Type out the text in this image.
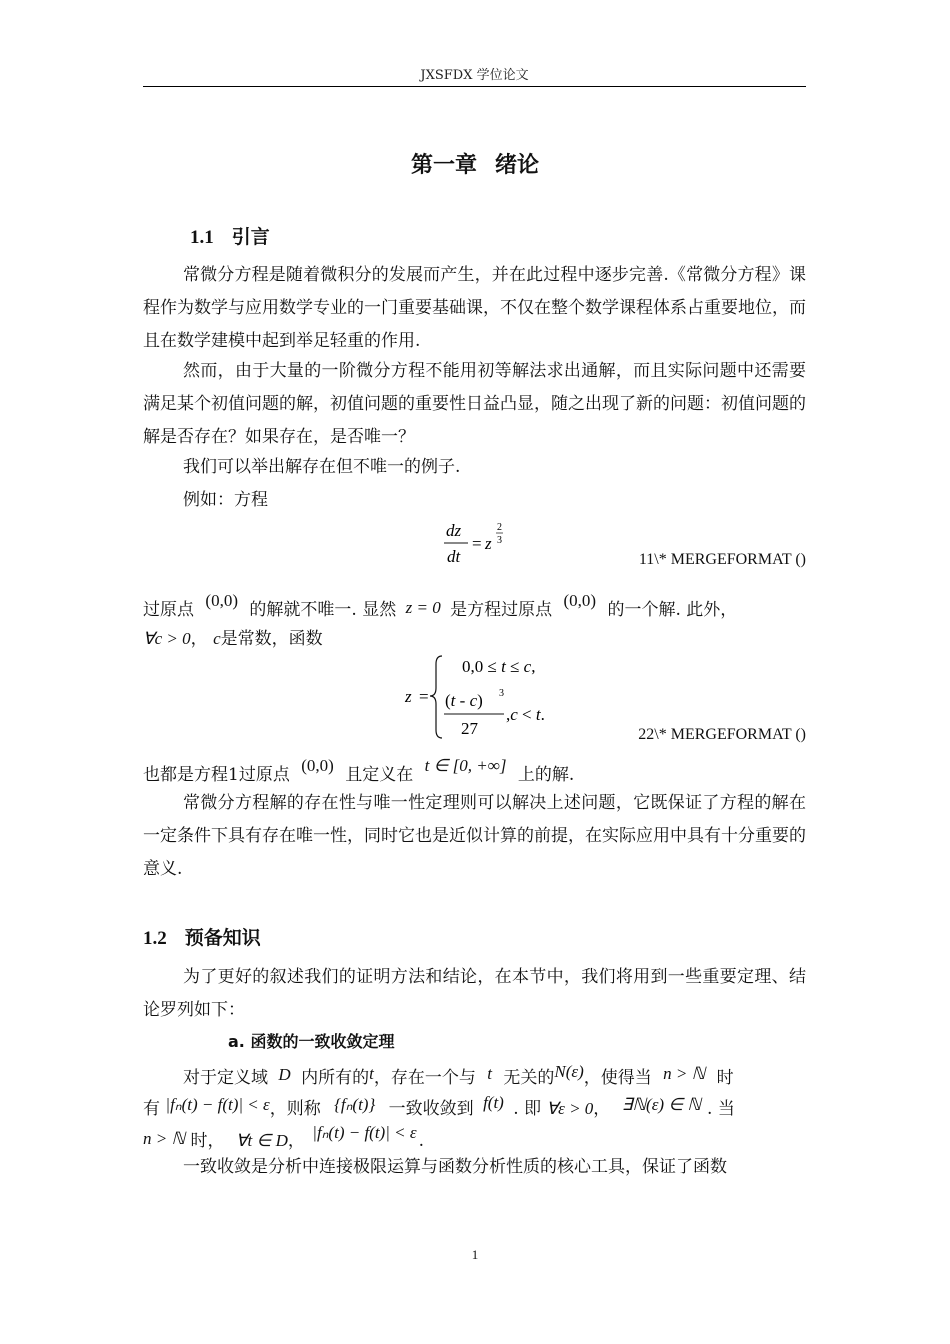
JXSFDX 学位论文
第一章 绪论
1.1 引言
常微分方程是随着微积分的发展而产生，并在此过程中逐步完善.《常微分方程》课程作为数学与应用数学专业的一门重要基础课，不仅在整个数学课程体系占重要地位，而且在数学建模中起到举足轻重的作用.
然而，由于大量的一阶微分方程不能用初等解法求出通解，而且实际问题中还需要满足某个初值问题的解，初值问题的重要性日益凸显，随之出现了新的问题：初值问题的解是否存在？如果存在，是否唯一？
我们可以举出解存在但不唯一的例子.
例如：方程
dz
dt
= z
2
3
11\* MERGEFORMAT ()
过原点 (0,0) 的解就不唯一. 显然 z = 0 是方程过原点 (0,0) 的一个解. 此外，
∀c > 0， c是常数，函数
z =
0,0 ≤ t ≤ c,
(t - c) 3
27
,c < t.
22\* MERGEFORMAT ()
也都是方程1过原点 (0,0) 且定义在 t ∈ [0, +∞] 上的解.
常微分方程解的存在性与唯一性定理则可以解决上述问题，它既保证了方程的解在一定条件下具有存在唯一性，同时它也是近似计算的前提，在实际应用中具有十分重要的意义.
1.2 预备知识
为了更好的叙述我们的证明方法和结论，在本节中，我们将用到一些重要定理、结论罗列如下：
a. 函数的一致收敛定理
对于定义域 D 内所有的t，存在一个与 t 无关的N(ε)，使得当 n > ℕ 时
有 |fₙ(t) − f(t)| < ε，则称 {fₙ(t)} 一致收敛到 f(t) . 即 ∀ε > 0， ∃ℕ(ε) ∈ ℕ . 当
n > ℕ 时， ∀t ∈ D， |fₙ(t) − f(t)| < ε .
一致收敛是分析中连接极限运算与函数分析性质的核心工具，保证了函数
1
